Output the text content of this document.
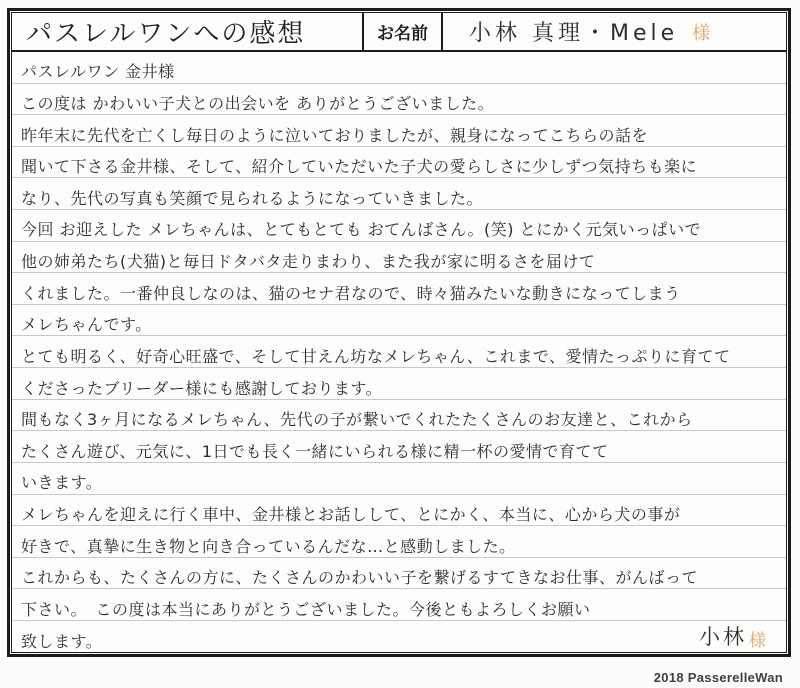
パスレルワンへの感想	お名前	小林 真理・Mele 様
パスレルワン 金井様
この度は かわいい子犬との出会いを ありがとうございました。
昨年末に先代を亡くし毎日のように泣いておりましたが、親身になってこちらの話を
聞いて下さる金井様、そして、紹介していただいた子犬の愛らしさに少しずつ気持ちも楽に
なり、先代の写真も笑顔で見られるようになっていきました。
今回 お迎えした メレちゃんは、とてもとても おてんばさん。(笑) とにかく元気いっぱいで
他の姉弟たち(犬猫)と毎日ドタバタ走りまわり、また我が家に明るさを届けて
くれました。一番仲良しなのは、猫のセナ君なので、時々猫みたいな動きになってしまう
メレちゃんです。
とても明るく、好奇心旺盛で、そして甘えん坊なメレちゃん、これまで、愛情たっぷりに育てて
くださったブリーダー様にも感謝しております。
間もなく3ヶ月になるメレちゃん、先代の子が繋いでくれたたくさんのお友達と、これから
たくさん遊び、元気に、1日でも長く一緒にいられる様に精一杯の愛情で育てて
いきます。
メレちゃんを迎えに行く車中、金井様とお話しして、とにかく、本当に、心から犬の事が
好きで、真摯に生き物と向き合っているんだな…と感動しました。
これからも、たくさんの方に、たくさんのかわいい子を繋げるすてきなお仕事、がんばって
下さい。　この度は本当にありがとうございました。今後ともよろしくお願い
致します。	小林 様
2018 PasserelleWan
